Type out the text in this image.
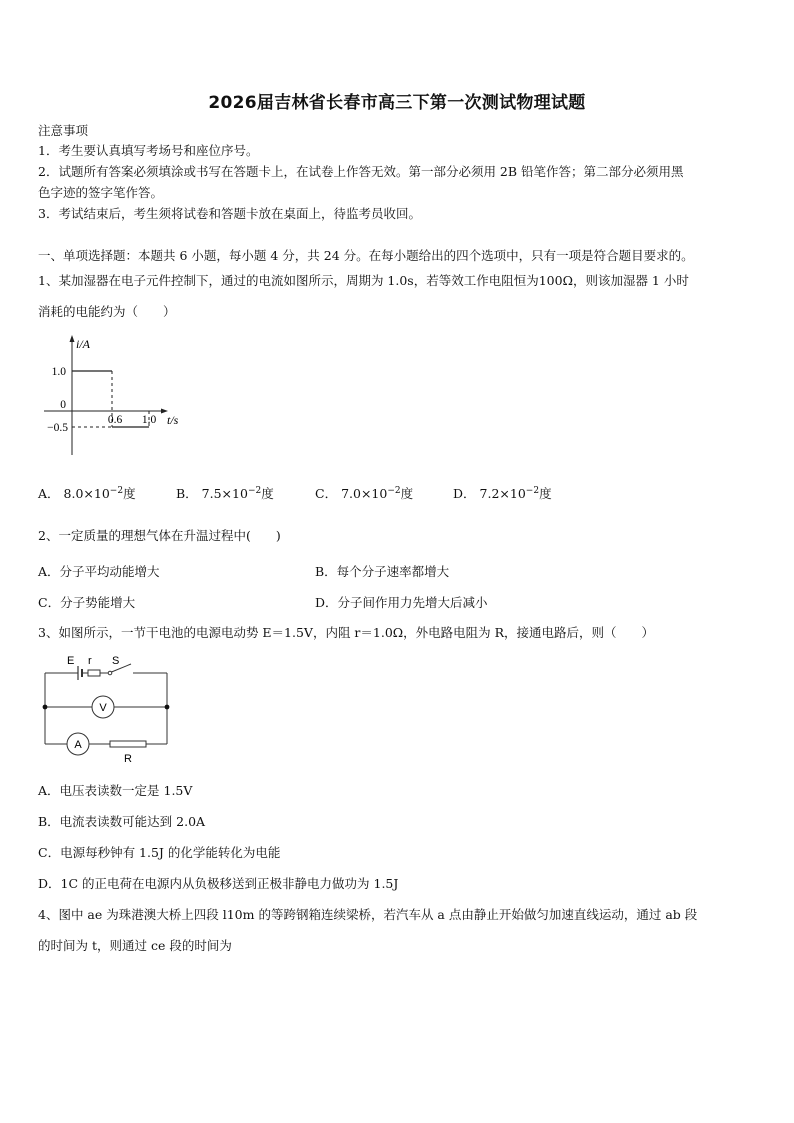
2026届吉林省长春市高三下第一次测试物理试题
注意事项
1．考生要认真填写考场号和座位序号。
2．试题所有答案必须填涂或书写在答题卡上，在试卷上作答无效。第一部分必须用 2B 铅笔作答；第二部分必须用黑
色字迹的签字笔作答。
3．考试结束后，考生须将试卷和答题卡放在桌面上，待监考员收回。
一、单项选择题：本题共 6 小题，每小题 4 分，共 24 分。在每小题给出的四个选项中，只有一项是符合题目要求的。
1、某加湿器在电子元件控制下，通过的电流如图所示，周期为 1.0s，若等效工作电阻恒为100Ω，则该加湿器 1 小时
消耗的电能约为（　　）
i/A
t/s
1.0
0
−0.5
0.6 1.0
A． $8.0\times 10^{-2}$度	B． $7.5\times 10^{-2}$度	C． $7.0\times 10^{-2}$度	D． $7.2\times 10^{-2}$度
2、一定质量的理想气体在升温过程中(　　)
A．分子平均动能增大	B．每个分子速率都增大
C．分子势能增大	D．分子间作用力先增大后减小
3、如图所示，一节干电池的电源电动势 E＝1.5V，内阻 r＝1.0Ω，外电路电阻为 R，接通电路后，则（　　）
E r S
V
A
R
A．电压表读数一定是 1.5V
B．电流表读数可能达到 2.0A
C．电源每秒钟有 1.5J 的化学能转化为电能
D．1C 的正电荷在电源内从负极移送到正极非静电力做功为 1.5J
4、图中 ae 为珠港澳大桥上四段 l10m 的等跨钢箱连续梁桥，若汽车从 a 点由静止开始做匀加速直线运动，通过 ab 段
的时间为 t，则通过 ce 段的时间为
